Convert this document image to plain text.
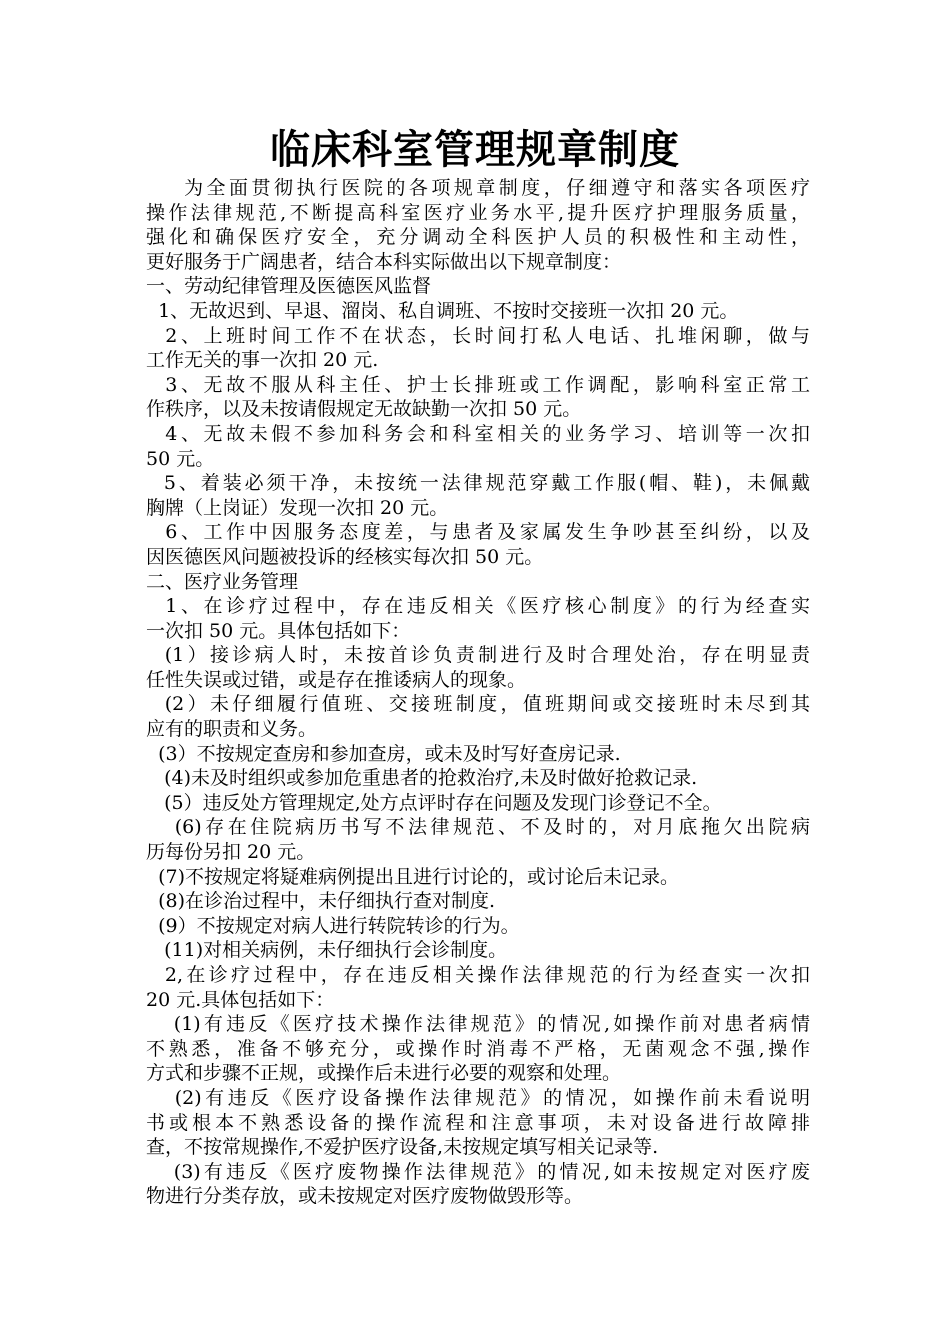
临床科室管理规章制度
为全面贯彻执行医院的各项规章制度，仔细遵守和落实各项医疗
操作法律规范,不断提高科室医疗业务水平,提升医疗护理服务质量，
强化和确保医疗安全，充分调动全科医护人员的积极性和主动性，
更好服务于广阔患者，结合本科实际做出以下规章制度：
一、劳动纪律管理及医德医风监督
1、无故迟到、早退、溜岗、私自调班、不按时交接班一次扣 20 元。
2、上班时间工作不在状态，长时间打私人电话、扎堆闲聊，做与
工作无关的事一次扣 20 元.
3、无故不服从科主任、护士长排班或工作调配，影响科室正常工
作秩序，以及未按请假规定无故缺勤一次扣 50 元。
4、无故未假不参加科务会和科室相关的业务学习、培训等一次扣
50 元。
5、着装必须干净，未按统一法律规范穿戴工作服(帽、鞋)，未佩戴
胸牌（上岗证）发现一次扣 20 元。
6、工作中因服务态度差，与患者及家属发生争吵甚至纠纷，以及
因医德医风问题被投诉的经核实每次扣 50 元。
二、医疗业务管理
1、在诊疗过程中，存在违反相关《医疗核心制度》的行为经查实
一次扣 50 元。具体包括如下：
(1）接诊病人时，未按首诊负责制进行及时合理处治，存在明显责
任性失误或过错，或是存在推诿病人的现象。
(2）未仔细履行值班、交接班制度，值班期间或交接班时未尽到其
应有的职责和义务。
(3）不按规定查房和参加查房，或未及时写好查房记录.
(4)未及时组织或参加危重患者的抢救治疗,未及时做好抢救记录.
(5）违反处方管理规定,处方点评时存在问题及发现门诊登记不全。
(6)存在住院病历书写不法律规范、不及时的，对月底拖欠出院病
历每份另扣 20 元。
(7)不按规定将疑难病例提出且进行讨论的，或讨论后未记录。
(8)在诊治过程中，未仔细执行查对制度.
(9）不按规定对病人进行转院转诊的行为。
(11)对相关病例，未仔细执行会诊制度。
2,在诊疗过程中，存在违反相关操作法律规范的行为经查实一次扣
20 元.具体包括如下：
(1)有违反《医疗技术操作法律规范》的情况,如操作前对患者病情
不熟悉，准备不够充分，或操作时消毒不严格，无菌观念不强,操作
方式和步骤不正规，或操作后未进行必要的观察和处理。
(2)有违反《医疗设备操作法律规范》的情况，如操作前未看说明
书或根本不熟悉设备的操作流程和注意事项，未对设备进行故障排
查，不按常规操作,不爱护医疗设备,未按规定填写相关记录等.
(3)有违反《医疗废物操作法律规范》的情况,如未按规定对医疗废
物进行分类存放，或未按规定对医疗废物做毁形等。
